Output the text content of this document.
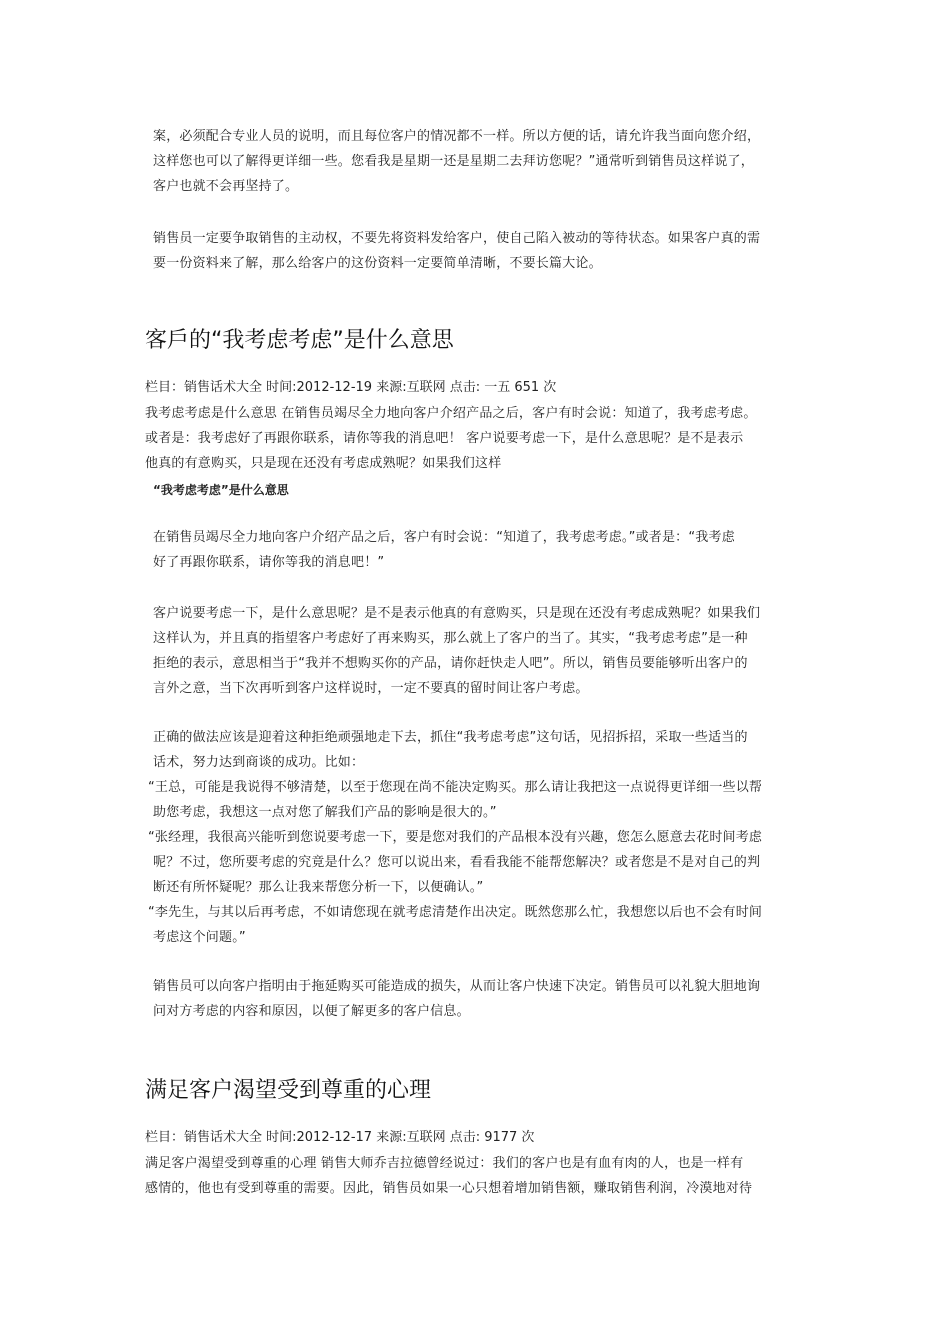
案，必须配合专业人员的说明，而且每位客户的情况都不一样。所以方便的话，请允许我当面向您介绍，
这样您也可以了解得更详细一些。您看我是星期一还是星期二去拜访您呢？”通常听到销售员这样说了，
客户也就不会再坚持了。
销售员一定要争取销售的主动权，不要先将资料发给客户，使自己陷入被动的等待状态。如果客户真的需
要一份资料来了解，那么给客户的这份资料一定要简单清晰，不要长篇大论。
客戶的“我考虑考虑”是什么意思
栏目：销售话术大全 时间:2012-12-19 来源:互联网 点击: 一五 651 次
我考虑考虑是什么意思 在销售员竭尽全力地向客户介绍产品之后，客户有时会说：知道了，我考虑考虑。
或者是：我考虑好了再跟你联系，请你等我的消息吧！ 客户说要考虑一下，是什么意思呢？是不是表示
他真的有意购买，只是现在还没有考虑成熟呢？如果我们这样
“我考虑考虑”是什么意思
在销售员竭尽全力地向客户介绍产品之后，客户有时会说：“知道了，我考虑考虑。”或者是：“我考虑
好了再跟你联系，请你等我的消息吧！”
客户说要考虑一下，是什么意思呢？是不是表示他真的有意购买，只是现在还没有考虑成熟呢？如果我们
这样认为，并且真的指望客户考虑好了再来购买，那么就上了客户的当了。其实，“我考虑考虑”是一种
拒绝的表示，意思相当于“我并不想购买你的产品，请你赶快走人吧”。所以，销售员要能够听出客户的
言外之意，当下次再听到客户这样说时，一定不要真的留时间让客户考虑。
正确的做法应该是迎着这种拒绝顽强地走下去，抓住“我考虑考虑”这句话，见招拆招，采取一些适当的
话术，努力达到商谈的成功。比如：
“王总，可能是我说得不够清楚，以至于您现在尚不能决定购买。那么请让我把这一点说得更详细一些以帮
助您考虑，我想这一点对您了解我们产品的影响是很大的。”
“张经理，我很高兴能听到您说要考虑一下，要是您对我们的产品根本没有兴趣，您怎么愿意去花时间考虑
呢？不过，您所要考虑的究竟是什么？您可以说出来，看看我能不能帮您解决？或者您是不是对自己的判
断还有所怀疑呢？那么让我来帮您分析一下，以便确认。”
“李先生，与其以后再考虑，不如请您现在就考虑清楚作出决定。既然您那么忙，我想您以后也不会有时间
考虑这个问题。”
销售员可以向客户指明由于拖延购买可能造成的损失，从而让客户快速下决定。销售员可以礼貌大胆地询
问对方考虑的内容和原因，以便了解更多的客户信息。
满足客户渴望受到尊重的心理
栏目：销售话术大全 时间:2012-12-17 来源:互联网 点击: 9177 次
满足客户渴望受到尊重的心理 销售大师乔吉拉德曾经说过：我们的客户也是有血有肉的人，也是一样有
感情的，他也有受到尊重的需要。因此，销售员如果一心只想着增加销售额，赚取销售利润，冷漠地对待
